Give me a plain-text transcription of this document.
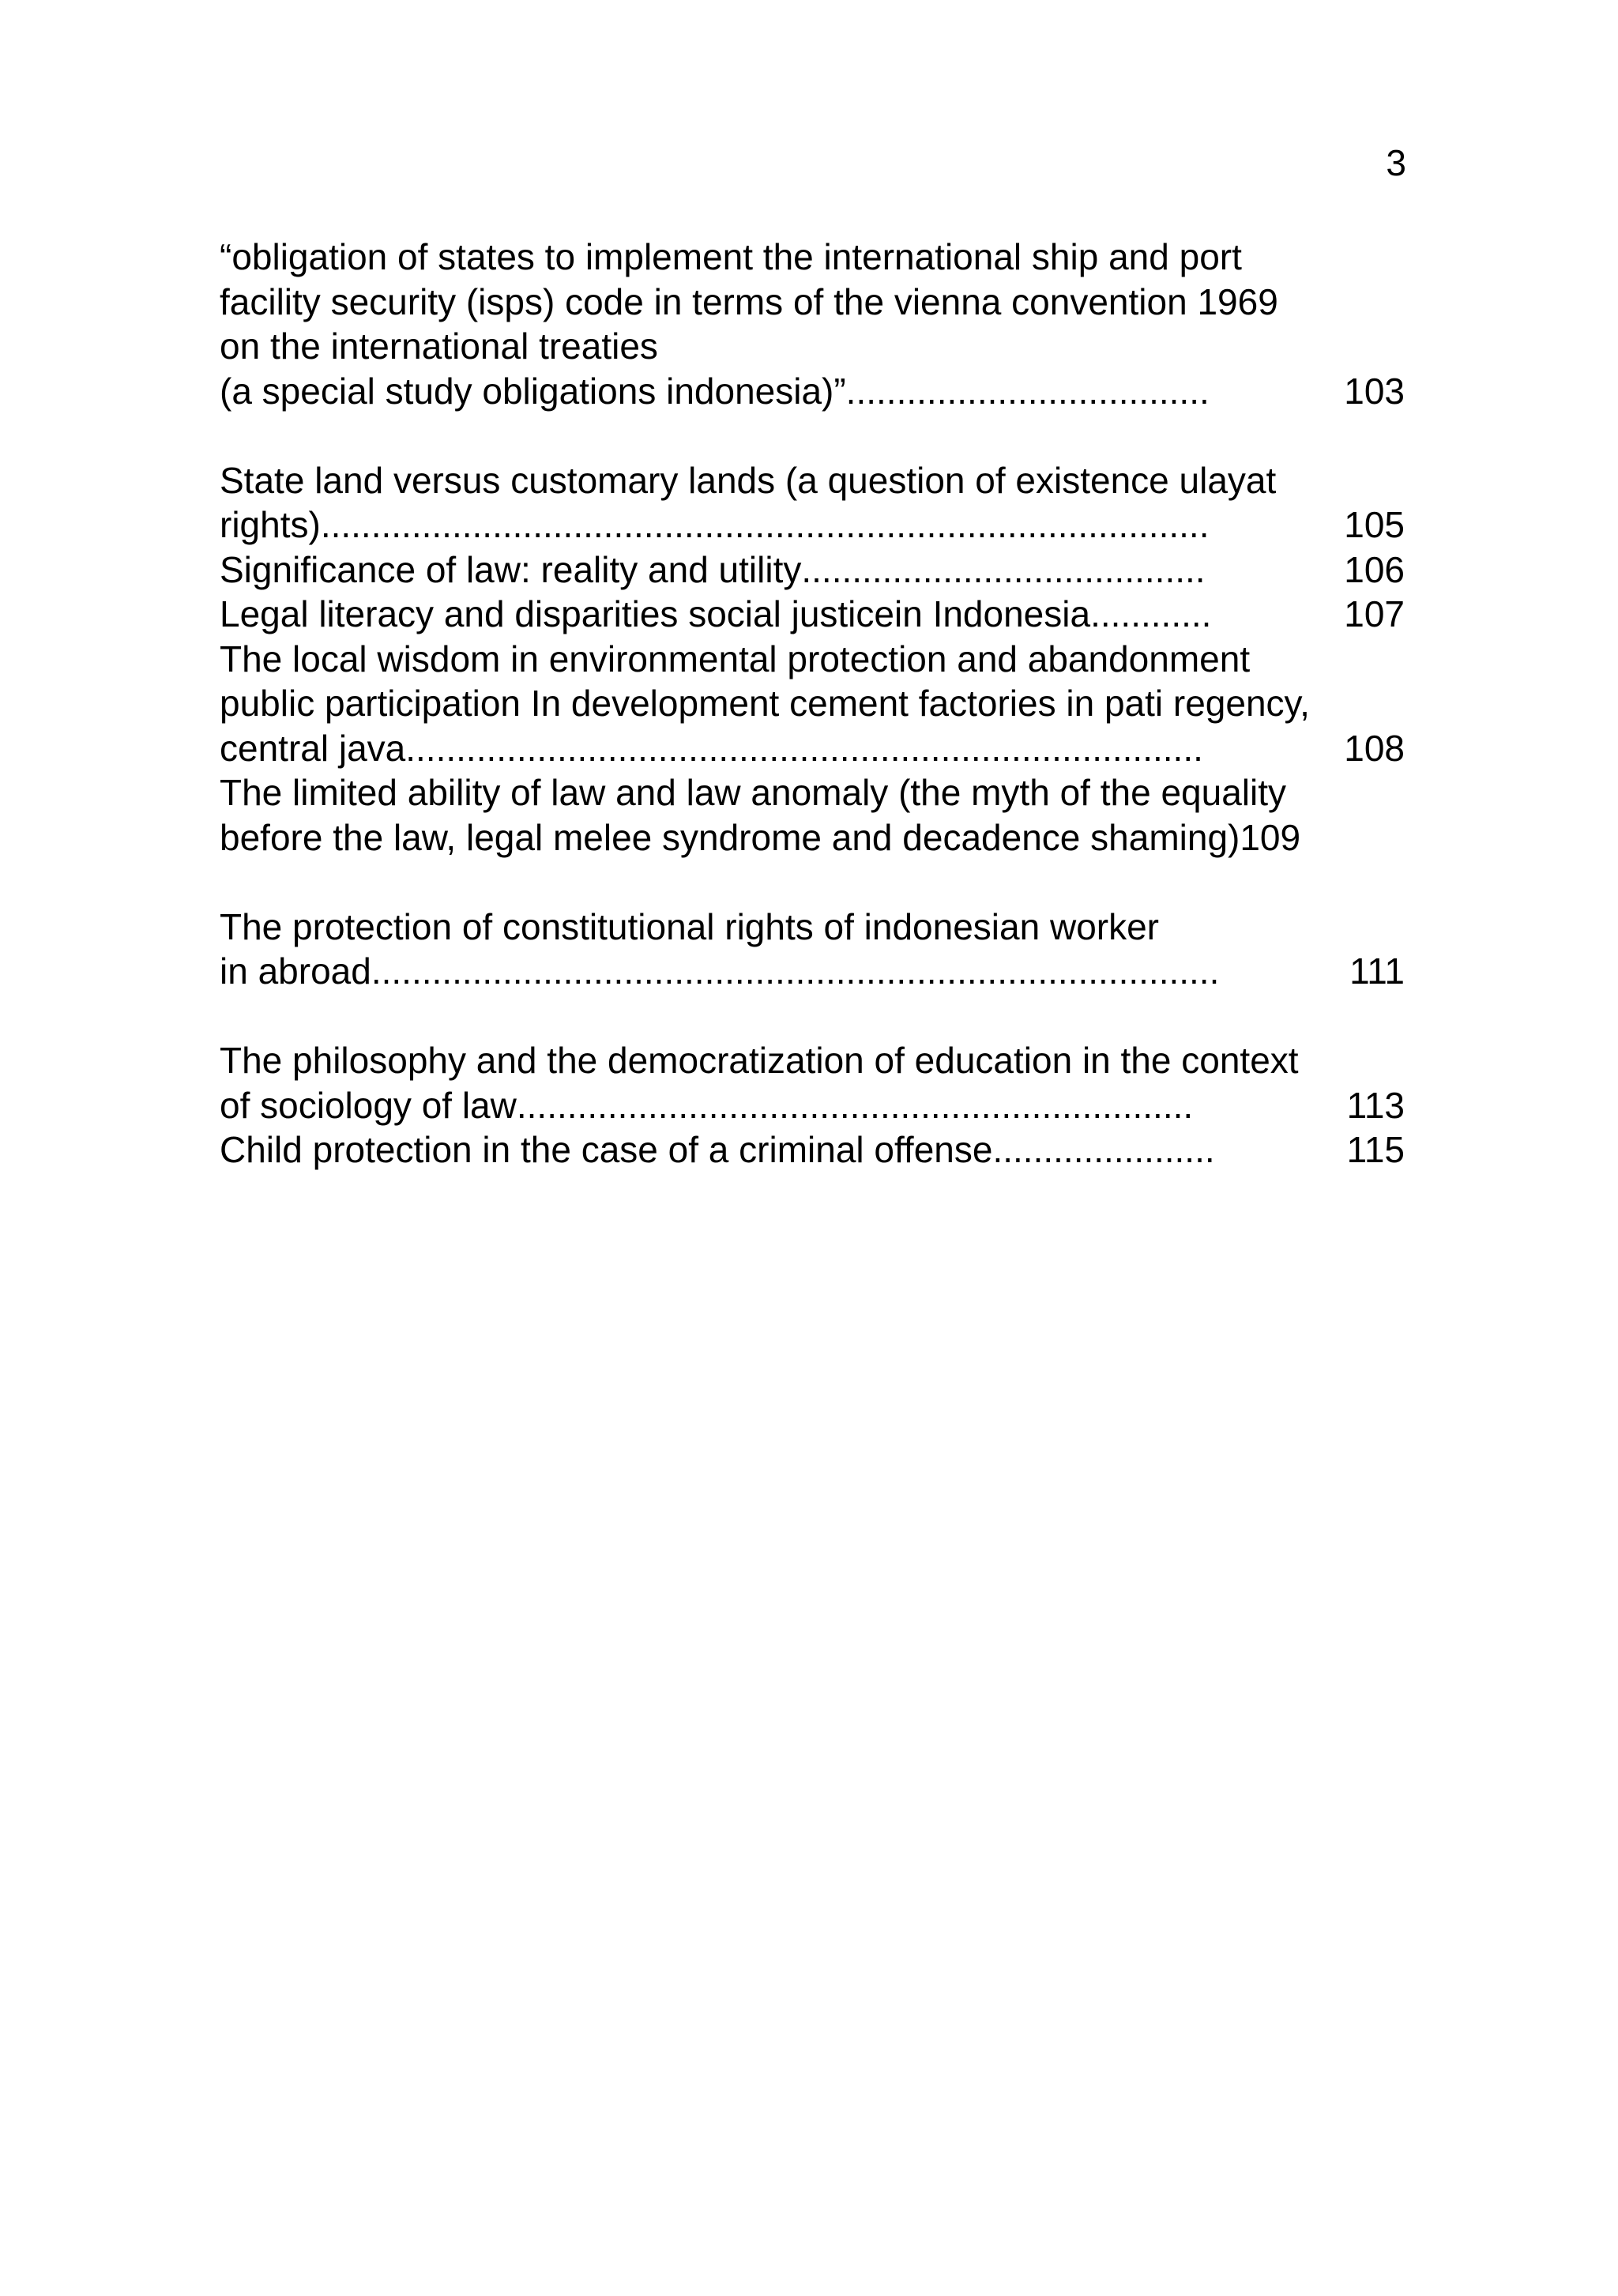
3
“obligation of states to implement the international ship and port
facility security (isps) code in terms of the vienna convention 1969
on the international treaties
(a special study obligations indonesia)”....................................	103
State land versus customary lands (a question of existence ulayat
rights)........................................................................................	105
Significance of law: reality and utility........................................	106
Legal literacy and disparities social justicein Indonesia............	107
The local wisdom in environmental protection and abandonment
public participation In development cement factories in pati regency,
central java...............................................................................	108
The limited ability of law and law anomaly (the myth of the equality
before the law, legal melee syndrome and decadence shaming)109
The protection of constitutional rights of indonesian worker
in abroad....................................................................................	111
The philosophy and the democratization of education in the context
of sociology of law...................................................................	113
Child protection in the case of a criminal offense......................	115
